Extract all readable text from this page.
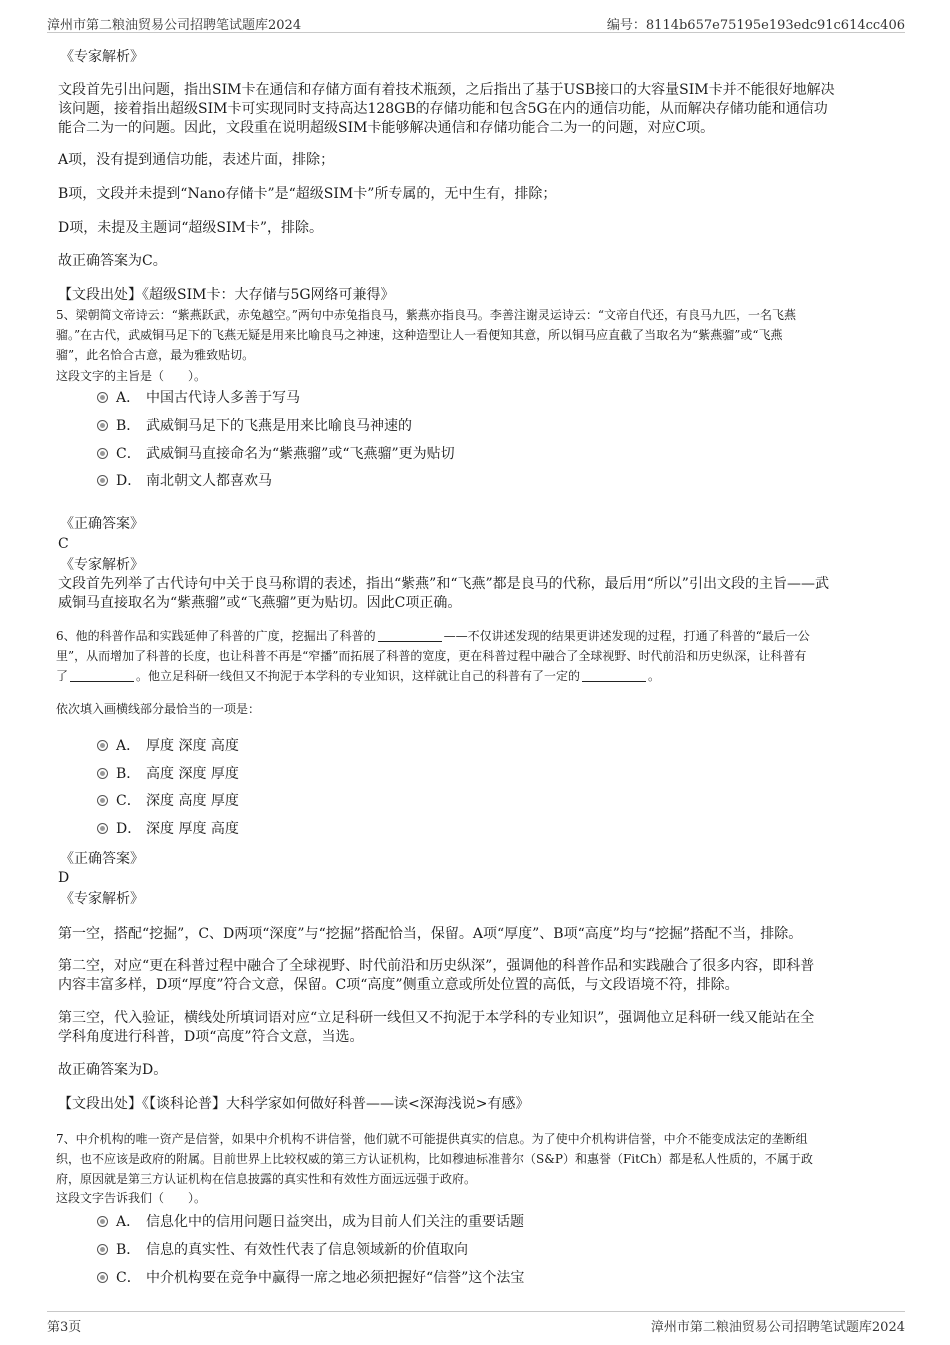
漳州市第二粮油贸易公司招聘笔试题库2024	编号：8114b657e75195e193edc91c614cc406
《专家解析》
文段首先引出问题，指出SIM卡在通信和存储方面有着技术瓶颈，之后指出了基于USB接口的大容量SIM卡并不能很好地解决
该问题，接着指出超级SIM卡可实现同时支持高达128GB的存储功能和包含5G在内的通信功能，从而解决存储功能和通信功
能合二为一的问题。因此，文段重在说明超级SIM卡能够解决通信和存储功能合二为一的问题，对应C项。
A项，没有提到通信功能，表述片面，排除；
B项，文段并未提到“Nano存储卡”是“超级SIM卡”所专属的，无中生有，排除；
D项，未提及主题词“超级SIM卡”，排除。
故正确答案为C。
【文段出处】《超级SIM卡：大存储与5G网络可兼得》
5、梁朝简文帝诗云：“紫燕跃武，赤兔越空。”两句中赤兔指良马，紫燕亦指良马。李善注谢灵运诗云：“文帝自代还，有良马九匹，一名飞燕
骝。”在古代，武威铜马足下的飞燕无疑是用来比喻良马之神速，这种造型让人一看便知其意，所以铜马应直截了当取名为“紫燕骝”或“飞燕
骝”，此名恰合古意，最为雅致贴切。
这段文字的主旨是（　　）。
A． 中国古代诗人多善于写马
B． 武威铜马足下的飞燕是用来比喻良马神速的
C． 武威铜马直接命名为“紫燕骝”或“飞燕骝”更为贴切
D． 南北朝文人都喜欢马
《正确答案》
C
《专家解析》
文段首先列举了古代诗句中关于良马称谓的表述，指出“紫燕”和“飞燕”都是良马的代称，最后用“所以”引出文段的主旨——武
威铜马直接取名为“紫燕骝”或“飞燕骝”更为贴切。因此C项正确。
6、他的科普作品和实践延伸了科普的广度，挖掘出了科普的	——不仅讲述发现的结果更讲述发现的过程，打通了科普的“最后一公
里”，从而增加了科普的长度，也让科普不再是“窄播”而拓展了科普的宽度，更在科普过程中融合了全球视野、时代前沿和历史纵深，让科普有
了	。他立足科研一线但又不拘泥于本学科的专业知识，这样就让自己的科普有了一定的	。
依次填入画横线部分最恰当的一项是：
A． 厚度 深度 高度
B． 高度 深度 厚度
C． 深度 高度 厚度
D． 深度 厚度 高度
《正确答案》
D
《专家解析》
第一空，搭配“挖掘”，C、D两项“深度”与“挖掘”搭配恰当，保留。A项“厚度”、B项“高度”均与“挖掘”搭配不当，排除。
第二空，对应“更在科普过程中融合了全球视野、时代前沿和历史纵深”，强调他的科普作品和实践融合了很多内容，即科普
内容丰富多样，D项“厚度”符合文意，保留。C项“高度”侧重立意或所处位置的高低，与文段语境不符，排除。
第三空，代入验证，横线处所填词语对应“立足科研一线但又不拘泥于本学科的专业知识”，强调他立足科研一线又能站在全
学科角度进行科普，D项“高度”符合文意，当选。
故正确答案为D。
【文段出处】《【谈科论普】大科学家如何做好科普——读<深海浅说>有感》
7、中介机构的唯一资产是信誉，如果中介机构不讲信誉，他们就不可能提供真实的信息。为了使中介机构讲信誉，中介不能变成法定的垄断组
织，也不应该是政府的附属。目前世界上比较权威的第三方认证机构，比如穆迪标准普尔（S&P）和惠誉（FitCh）都是私人性质的，不属于政
府，原因就是第三方认证机构在信息披露的真实性和有效性方面远远强于政府。
这段文字告诉我们（　　）。
A． 信息化中的信用问题日益突出，成为目前人们关注的重要话题
B． 信息的真实性、有效性代表了信息领域新的价值取向
C． 中介机构要在竞争中赢得一席之地必须把握好“信誉”这个法宝
第3页	漳州市第二粮油贸易公司招聘笔试题库2024
